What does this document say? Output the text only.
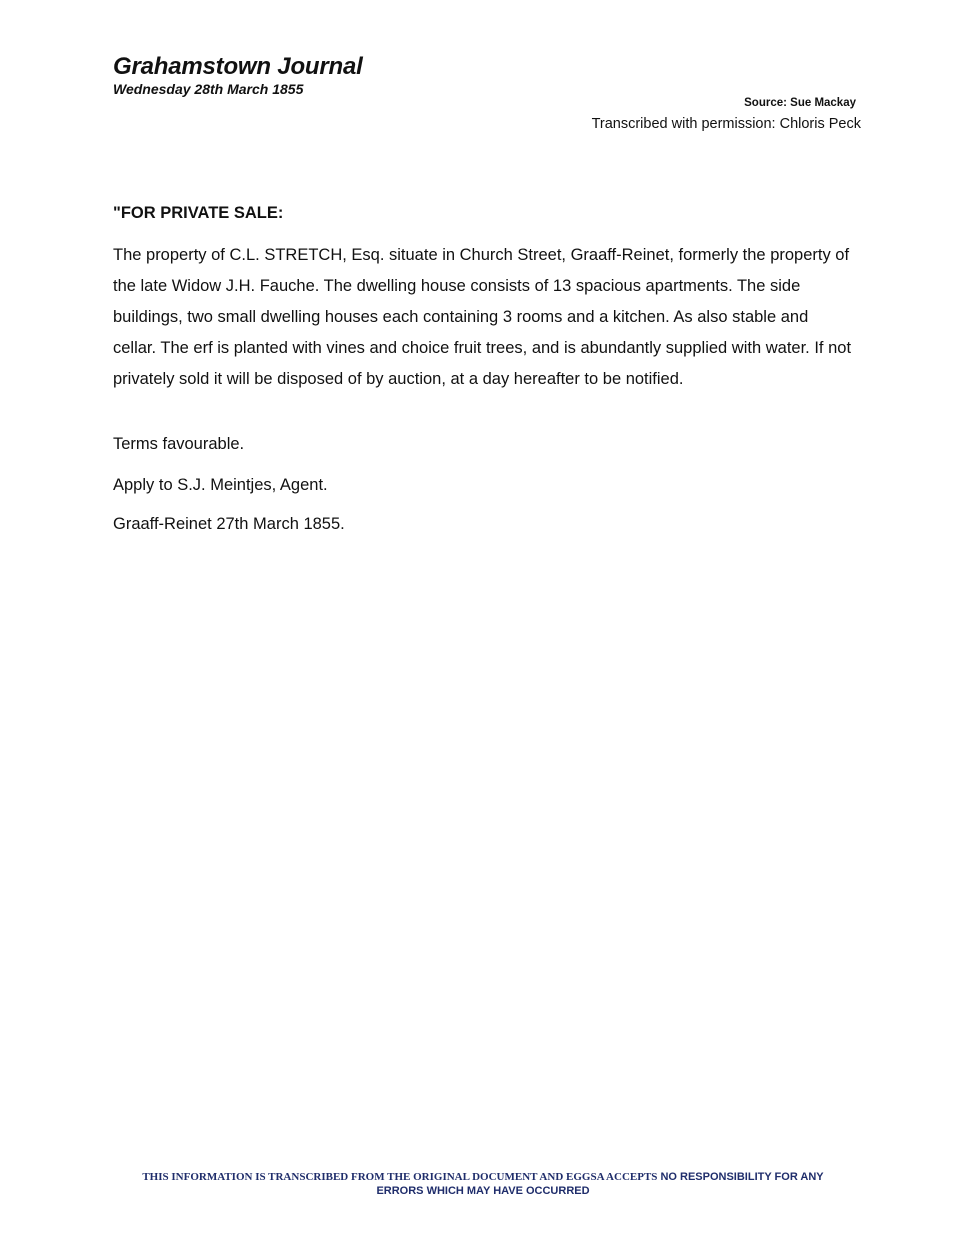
Grahamstown Journal

Wednesday 28th March 1855

Source: Sue Mackay

Transcribed with permission: Chloris Peck

"FOR PRIVATE SALE:

The property of C.L. STRETCH, Esq. situate in Church Street, Graaff-Reinet, formerly the property of the late Widow J.H. Fauche. The dwelling house consists of 13 spacious apartments. The side buildings, two small dwelling houses each containing 3 rooms and a kitchen. As also stable and cellar. The erf is planted with vines and choice fruit trees, and is abundantly supplied with water. If not privately sold it will be disposed of by auction, at a day hereafter to be notified.

Terms favourable.

Apply to S.J. Meintjes, Agent.

Graaff-Reinet 27th March 1855.

THIS INFORMATION IS TRANSCRIBED FROM THE ORIGINAL DOCUMENT AND EGGSA ACCEPTS NO RESPONSIBILITY FOR ANY
ERRORS WHICH MAY HAVE OCCURRED
